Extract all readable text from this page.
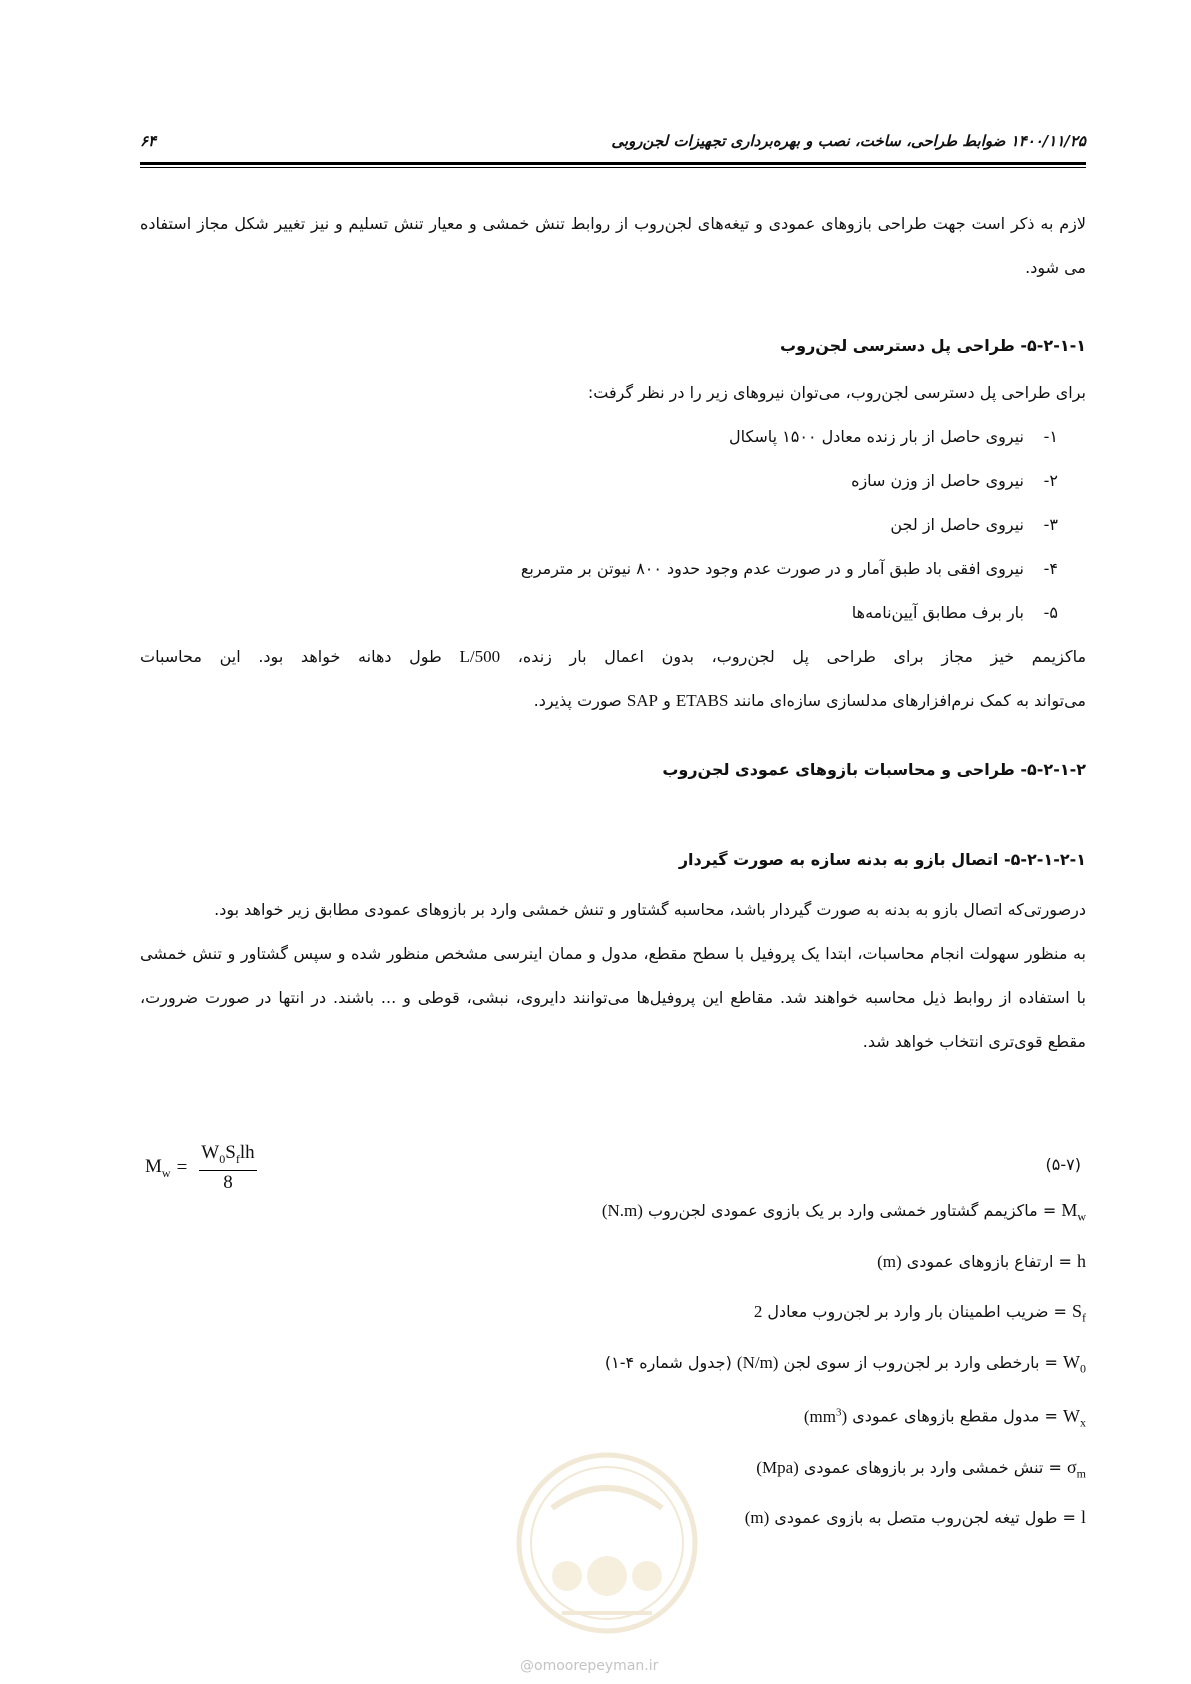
۱۴۰۰/۱۱/۲۵ ضوابط طراحی، ساخت، نصب و بهره‌برداری تجهیزات لجن‌روبی
۶۴

لازم به ذکر است جهت طراحی بازوهای عمودی و تیغه‌های لجن‌روب از روابط تنش خمشی و معیار تنش تسلیم و نیز تغییر شکل مجاز استفاده می شود.

۵-۲-۱-۱- طراحی پل دسترسی لجن‌روب
برای طراحی پل دسترسی لجن‌روب، می‌توان نیروهای زیر را در نظر گرفت:
۱-
نیروی حاصل از بار زنده معادل ۱۵۰۰ پاسکال
۲-
نیروی حاصل از وزن سازه
۳-
نیروی حاصل از لجن
۴-
نیروی افقی باد طبق آمار و در صورت عدم وجود حدود ۸۰۰ نیوتن بر مترمربع
۵-
بار برف مطابق آیین‌نامه‌ها
ماکزیمم خیز مجاز برای طراحی پل لجن‌روب، بدون اعمال بار زنده، L/500 طول دهانه خواهد بود. این محاسبات
می‌تواند به کمک نرم‌افزارهای مدلسازی سازه‌ای مانند ETABS و SAP صورت پذیرد.
۵-۲-۱-۲- طراحی و محاسبات بازوهای عمودی لجن‌روب
۵-۲-۱-۲-۱- اتصال بازو به بدنه سازه به صورت گیردار

درصورتی‌که اتصال بازو به بدنه به صورت گیردار باشد، محاسبه گشتاور و تنش خمشی وارد بر بازوهای عمودی مطابق زیر خواهد بود.

به منظور سهولت انجام محاسبات، ابتدا یک پروفیل با سطح مقطع، مدول و ممان اینرسی مشخص منظور شده و سپس گشتاور و تنش خمشی با استفاده از روابط ذیل محاسبه خواهند شد. مقاطع این پروفیل‌ها می‌توانند دایروی، نبشی، قوطی و ... باشند. در انتها در صورت ضرورت، مقطع قوی‌تری انتخاب خواهد شد.

$M_w = \frac{W_0S_flh}{8}$	(۵-۷)
$M_w$ = ماکزیمم گشتاور خمشی وارد بر یک بازوی عمودی لجن‌روب (N.m)
h = ارتفاع بازوهای عمودی (m)
$S_f$ = ضریب اطمینان بار وارد بر لجن‌روب معادل 2
$W_0$ = بارخطی وارد بر لجن‌روب از سوی لجن (N/m) (جدول شماره ۴-۱)
$W_x$ = مدول مقطع بازوهای عمودی $(mm^3)$
$\sigma_m$ = تنش خمشی وارد بر بازوهای عمودی (Mpa)
l = طول تیغه لجن‌روب متصل به بازوی عمودی (m)
@omoorepeyman.ir
